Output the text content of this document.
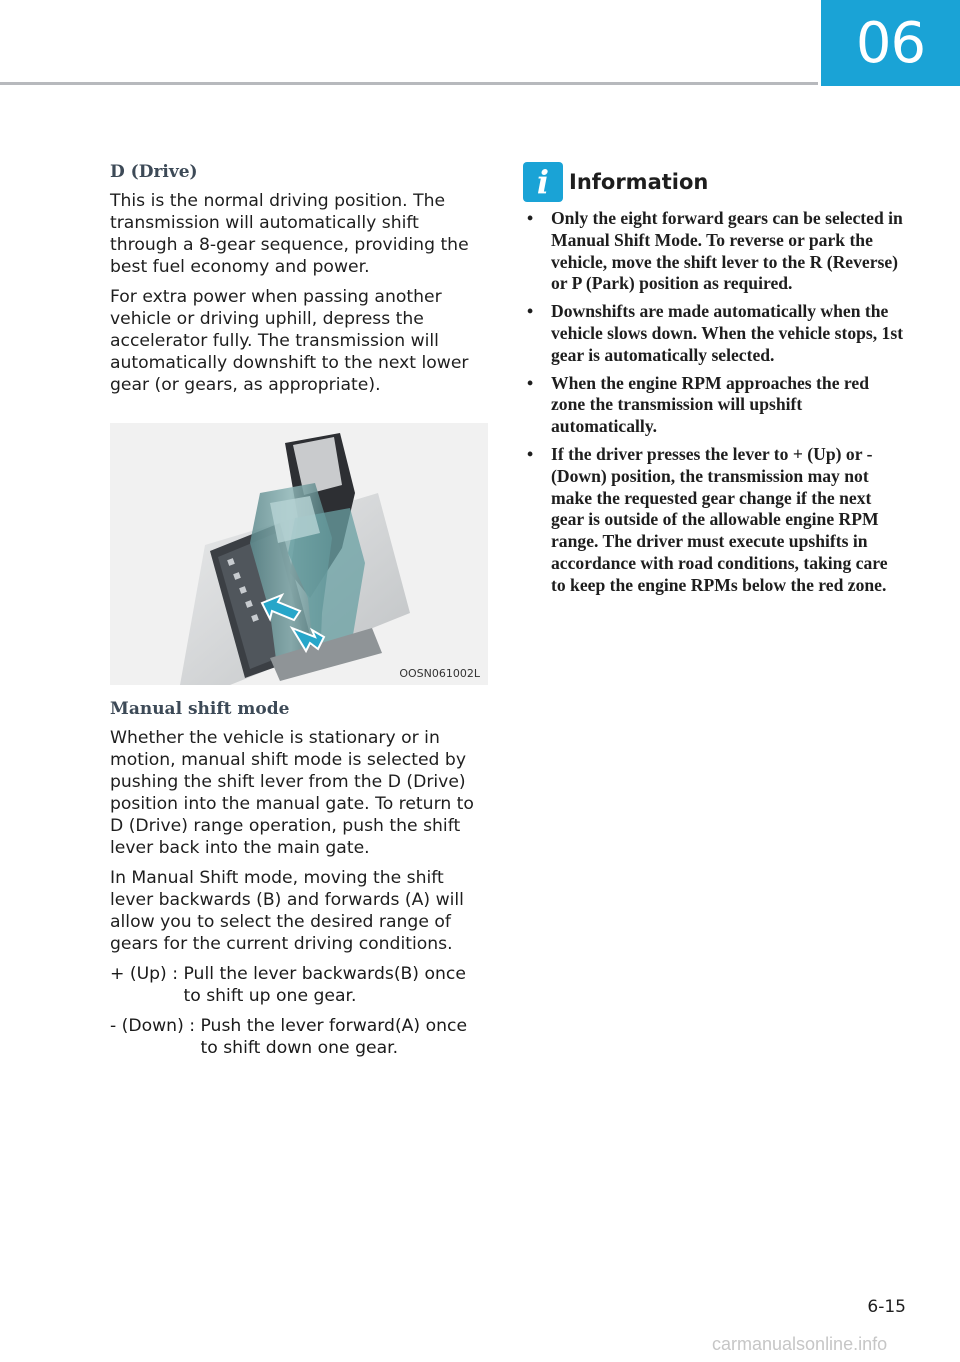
06
D (Drive)

This is the normal driving position. The transmission will automatically shift through a 8-gear sequence, providing the best fuel economy and power.

For extra power when passing another vehicle or driving uphill, depress the accelerator fully. The transmission will automatically downshift to the next lower gear (or gears, as appropriate).

OOSN061002L
Manual shift mode

Whether the vehicle is stationary or in motion, manual shift mode is selected by pushing the shift lever from the D (Drive) position into the manual gate. To return to D (Drive) range operation, push the shift lever back into the main gate.

In Manual Shift mode, moving the shift lever backwards (B) and forwards (A) will allow you to select the desired range of gears for the current driving conditions.

+ (Up) : Pull the lever backwards(B) once to shift up one gear.
- (Down) : Push the lever forward(A) once to shift down one gear.
i Information
• Only the eight forward gears can be selected in Manual Shift Mode. To reverse or park the vehicle, move the shift lever to the R (Reverse) or P (Park) position as required.
• Downshifts are made automatically when the vehicle slows down. When the vehicle stops, 1st gear is automatically selected.
• When the engine RPM approaches the red zone the transmission will upshift automatically.
• If the driver presses the lever to + (Up) or - (Down) position, the transmission may not make the requested gear change if the next gear is outside of the allowable engine RPM range. The driver must execute upshifts in accordance with road conditions, taking care to keep the engine RPMs below the red zone.
6-15
carmanualsonline.info
